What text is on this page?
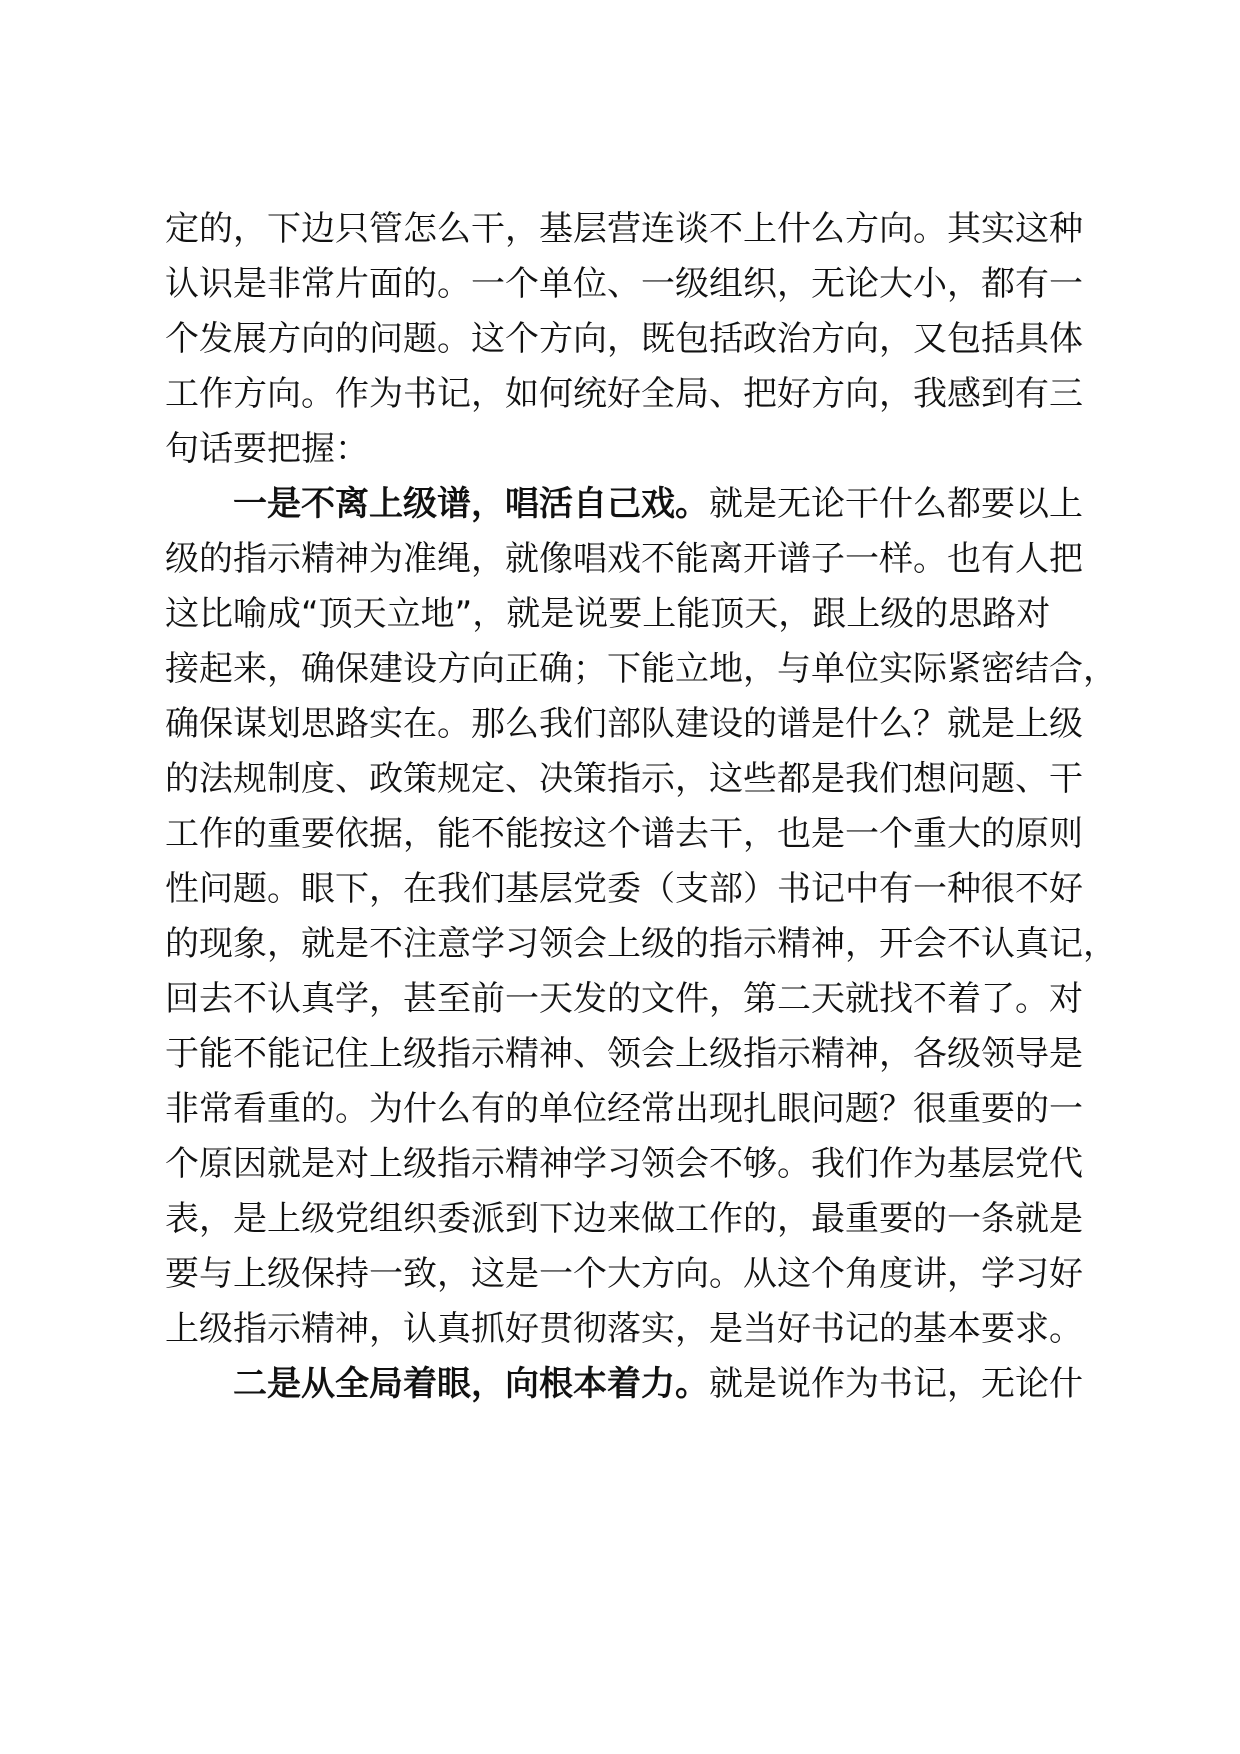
定的，下边只管怎么干，基层营连谈不上什么方向。其实这种
认识是非常片面的。一个单位、一级组织，无论大小，都有一
个发展方向的问题。这个方向，既包括政治方向，又包括具体
工作方向。作为书记，如何统好全局、把好方向，我感到有三
句话要把握：
一是不离上级谱，唱活自己戏。就是无论干什么都要以上
级的指示精神为准绳，就像唱戏不能离开谱子一样。也有人把
这比喻成“顶天立地”，就是说要上能顶天，跟上级的思路对
接起来，确保建设方向正确；下能立地，与单位实际紧密结合，
确保谋划思路实在。那么我们部队建设的谱是什么？就是上级
的法规制度、政策规定、决策指示，这些都是我们想问题、干
工作的重要依据，能不能按这个谱去干，也是一个重大的原则
性问题。眼下，在我们基层党委（支部）书记中有一种很不好
的现象，就是不注意学习领会上级的指示精神，开会不认真记，
回去不认真学，甚至前一天发的文件，第二天就找不着了。对
于能不能记住上级指示精神、领会上级指示精神，各级领导是
非常看重的。为什么有的单位经常出现扎眼问题？很重要的一
个原因就是对上级指示精神学习领会不够。我们作为基层党代
表，是上级党组织委派到下边来做工作的，最重要的一条就是
要与上级保持一致，这是一个大方向。从这个角度讲，学习好
上级指示精神，认真抓好贯彻落实，是当好书记的基本要求。
二是从全局着眼，向根本着力。就是说作为书记，无论什
